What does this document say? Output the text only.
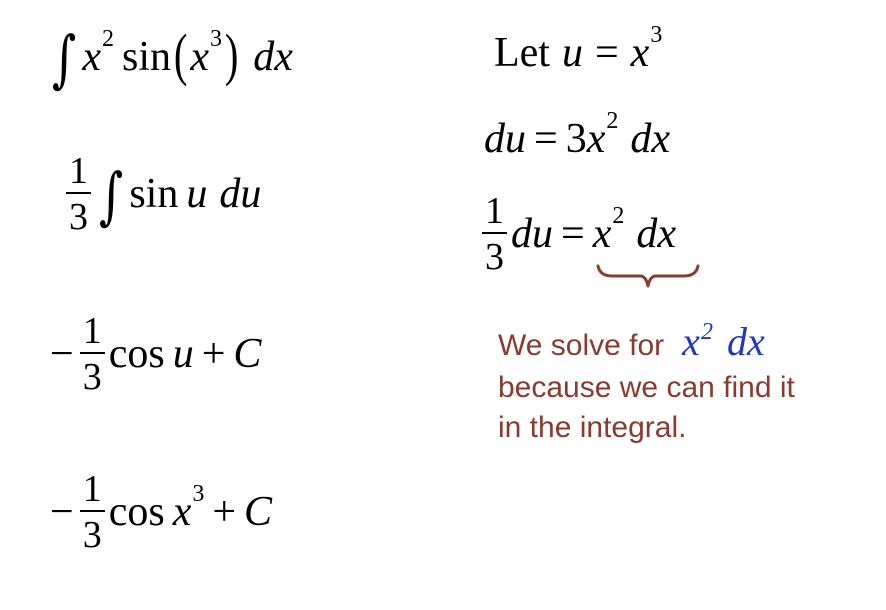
∫ x 2 sin ( x 3 ) dx
$\frac{1}{3}$ ∫ sin u du
− $\frac{1}{3}$ cos u + C
− $\frac{1}{3}$ cos x 3 + C
Let u = x 3
du = 3 x 2 dx
$\frac{1}{3}$ du = x 2 dx
We solve for $x^2$ dx
because we can find it
in the integral.
